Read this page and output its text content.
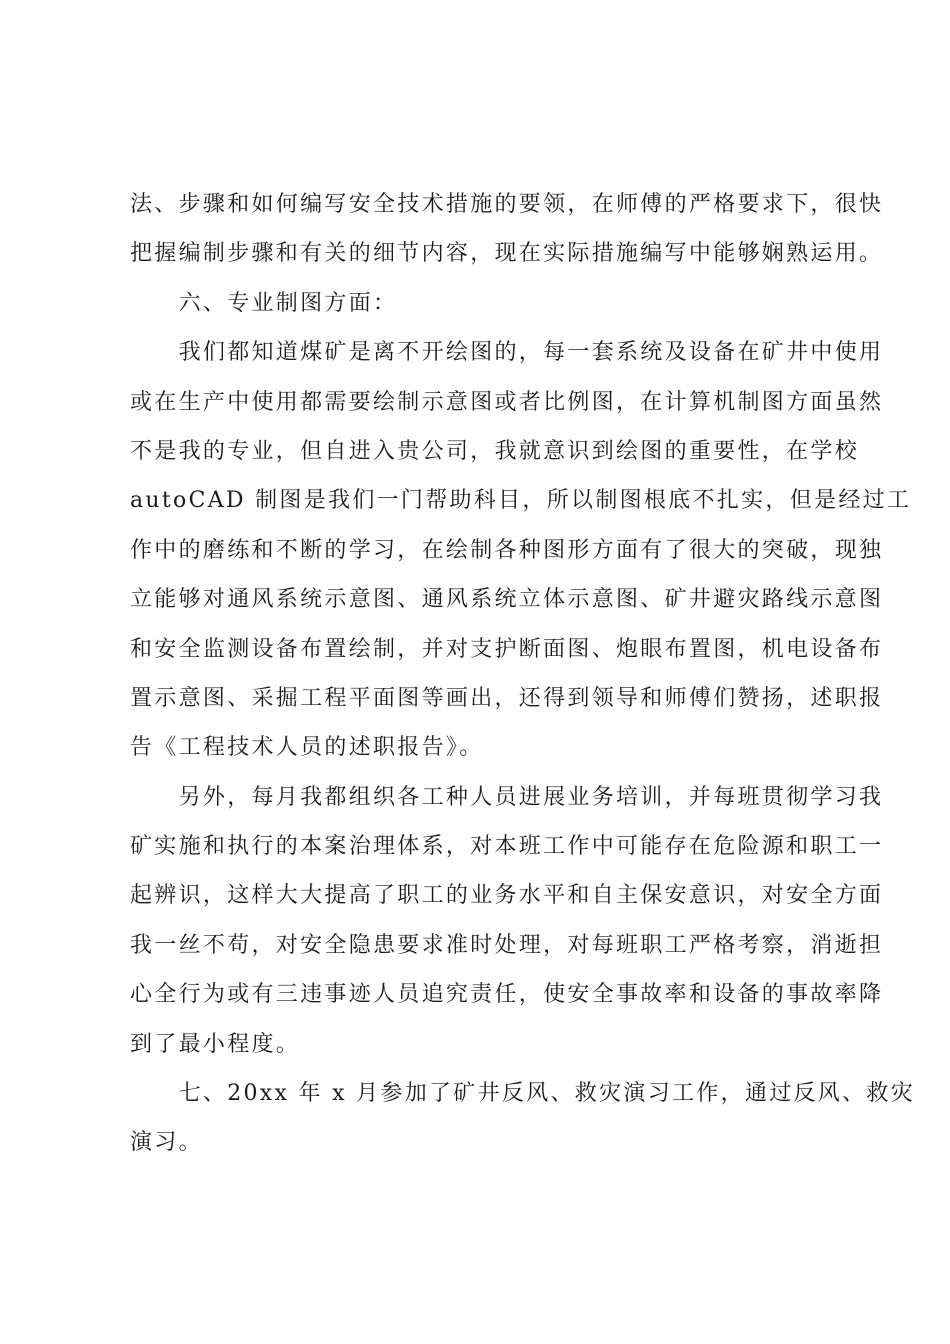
法、步骤和如何编写安全技术措施的要领，在师傅的严格要求下，很快
把握编制步骤和有关的细节内容，现在实际措施编写中能够娴熟运用。
　　六、专业制图方面：
　　我们都知道煤矿是离不开绘图的，每一套系统及设备在矿井中使用
或在生产中使用都需要绘制示意图或者比例图，在计算机制图方面虽然
不是我的专业，但自进入贵公司，我就意识到绘图的重要性，在学校
autoCAD 制图是我们一门帮助科目，所以制图根底不扎实，但是经过工
作中的磨练和不断的学习，在绘制各种图形方面有了很大的突破，现独
立能够对通风系统示意图、通风系统立体示意图、矿井避灾路线示意图
和安全监测设备布置绘制，并对支护断面图、炮眼布置图，机电设备布
置示意图、采掘工程平面图等画出，还得到领导和师傅们赞扬，述职报
告《工程技术人员的述职报告》。
　　另外，每月我都组织各工种人员进展业务培训，并每班贯彻学习我
矿实施和执行的本案治理体系，对本班工作中可能存在危险源和职工一
起辨识，这样大大提高了职工的业务水平和自主保安意识，对安全方面
我一丝不苟，对安全隐患要求准时处理，对每班职工严格考察，消逝担
心全行为或有三违事迹人员追究责任，使安全事故率和设备的事故率降
到了最小程度。
　　七、20xx 年 x 月参加了矿井反风、救灾演习工作，通过反风、救灾
演习。
